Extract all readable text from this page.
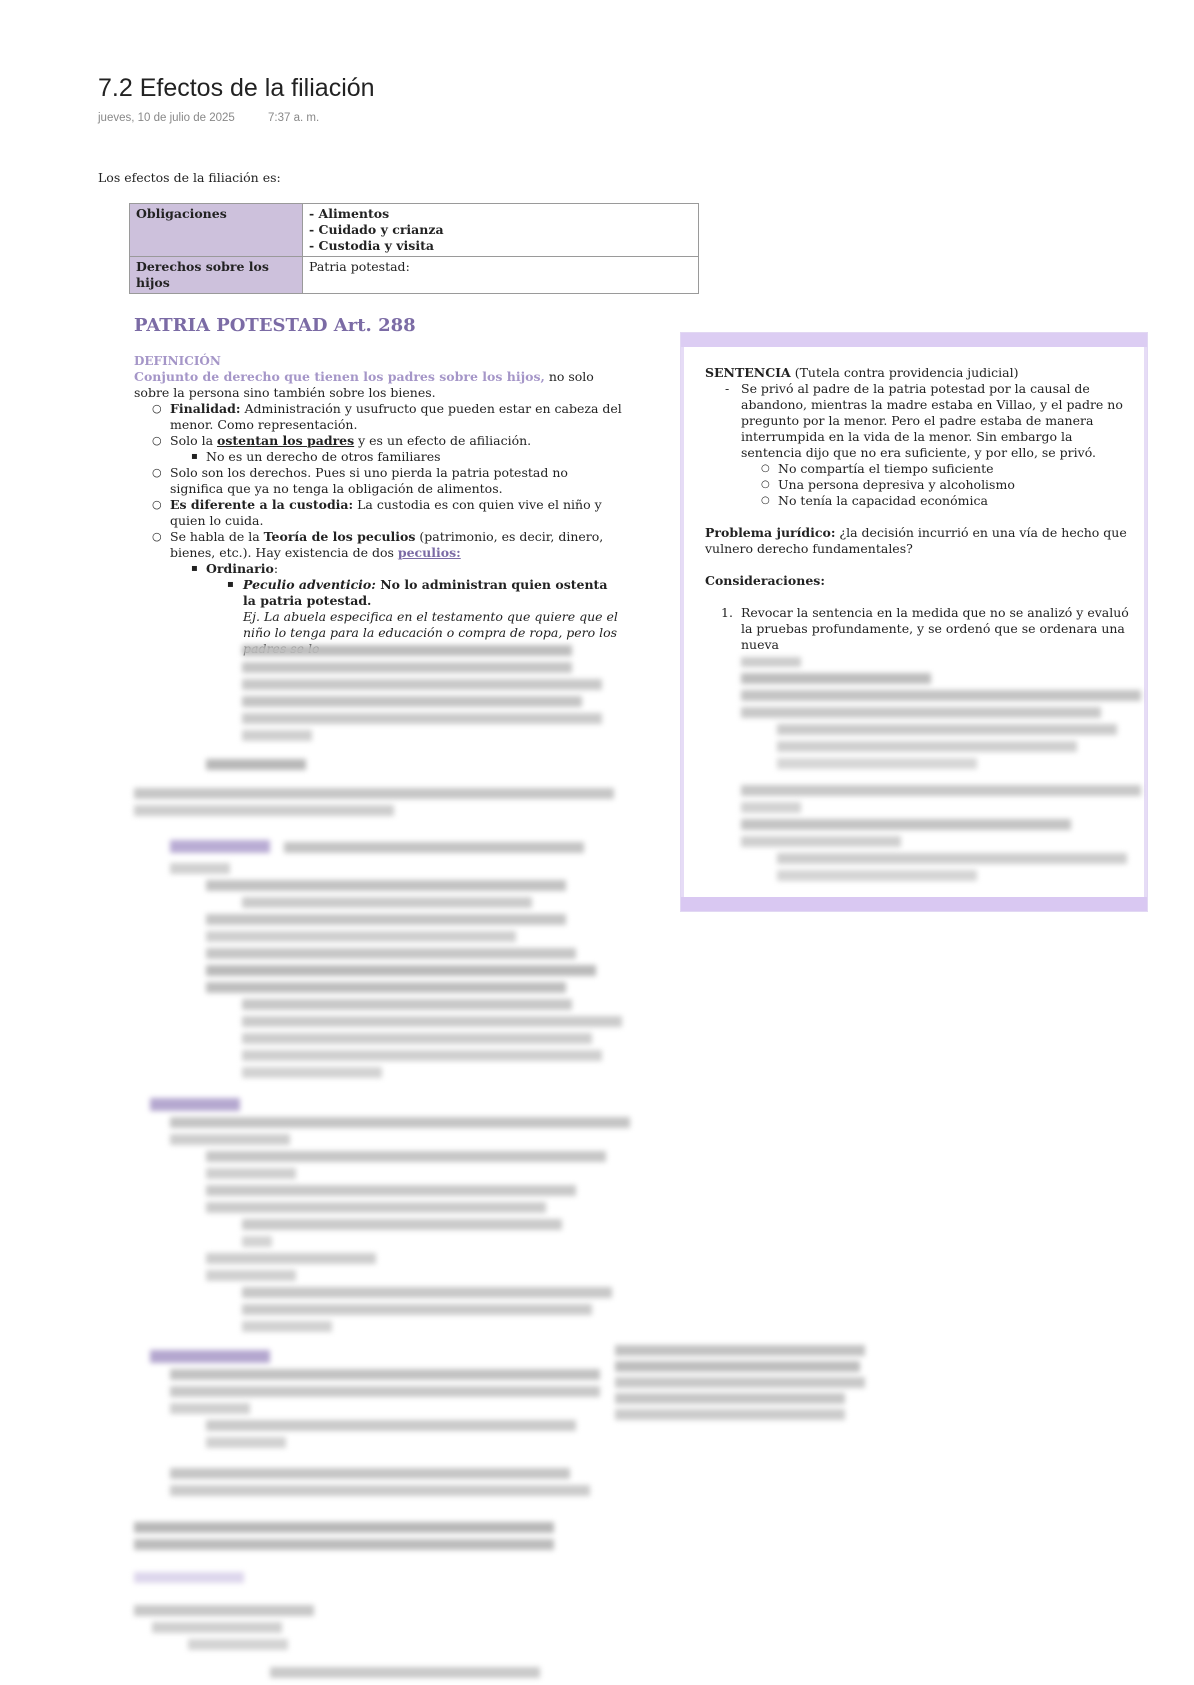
7.2 Efectos de la filiación
jueves, 10 de julio de 2025	7:37 a. m.
Los efectos de la filiación es:
Obligaciones	- Alimentos
- Cuidado y crianza
- Custodia y visita
Derechos sobre los hijos	Patria potestad:
PATRIA POTESTAD Art. 288
DEFINICIÓN

Conjunto de derecho que tienen los padres sobre los hijos, no solo sobre la persona sino también sobre los bienes.

○ Finalidad: Administración y usufructo que pueden estar en cabeza del menor. Como representación.
○ Solo la ostentan los padres y es un efecto de afiliación.
▪ No es un derecho de otros familiares
○ Solo son los derechos. Pues si uno pierda la patria potestad no significa que ya no tenga la obligación de alimentos.
○ Es diferente a la custodia: La custodia es con quien vive el niño y quien lo cuida.
○ Se habla de la Teoría de los peculios (patrimonio, es decir, dinero, bienes, etc.). Hay existencia de dos peculios:
▪ Ordinario:
▪ Peculio adventicio: No lo administran quien ostenta la patria potestad.
Ej. La abuela especifica en el testamento que quiere que el niño lo tenga para la educación o compra de ropa, pero los

SENTENCIA (Tutela contra providencia judicial)

- Se privó al padre de la patria potestad por la causal de abandono, mientras la madre estaba en Villao, y el padre no pregunto por la menor. Pero el padre estaba de manera interrumpida en la vida de la menor. Sin embargo la sentencia dijo que no era suficiente, y por ello, se privó.
○ No compartía el tiempo suficiente
○ Una persona depresiva y alcoholismo
○ No tenía la capacidad económica

Problema jurídico: ¿la decisión incurrió en una vía de hecho que vulnero derecho fundamentales?

Consideraciones:

1. Revocar la sentencia en la medida que no se analizó y evaluó la pruebas profundamente, y se ordenó que se ordenara una nueva
